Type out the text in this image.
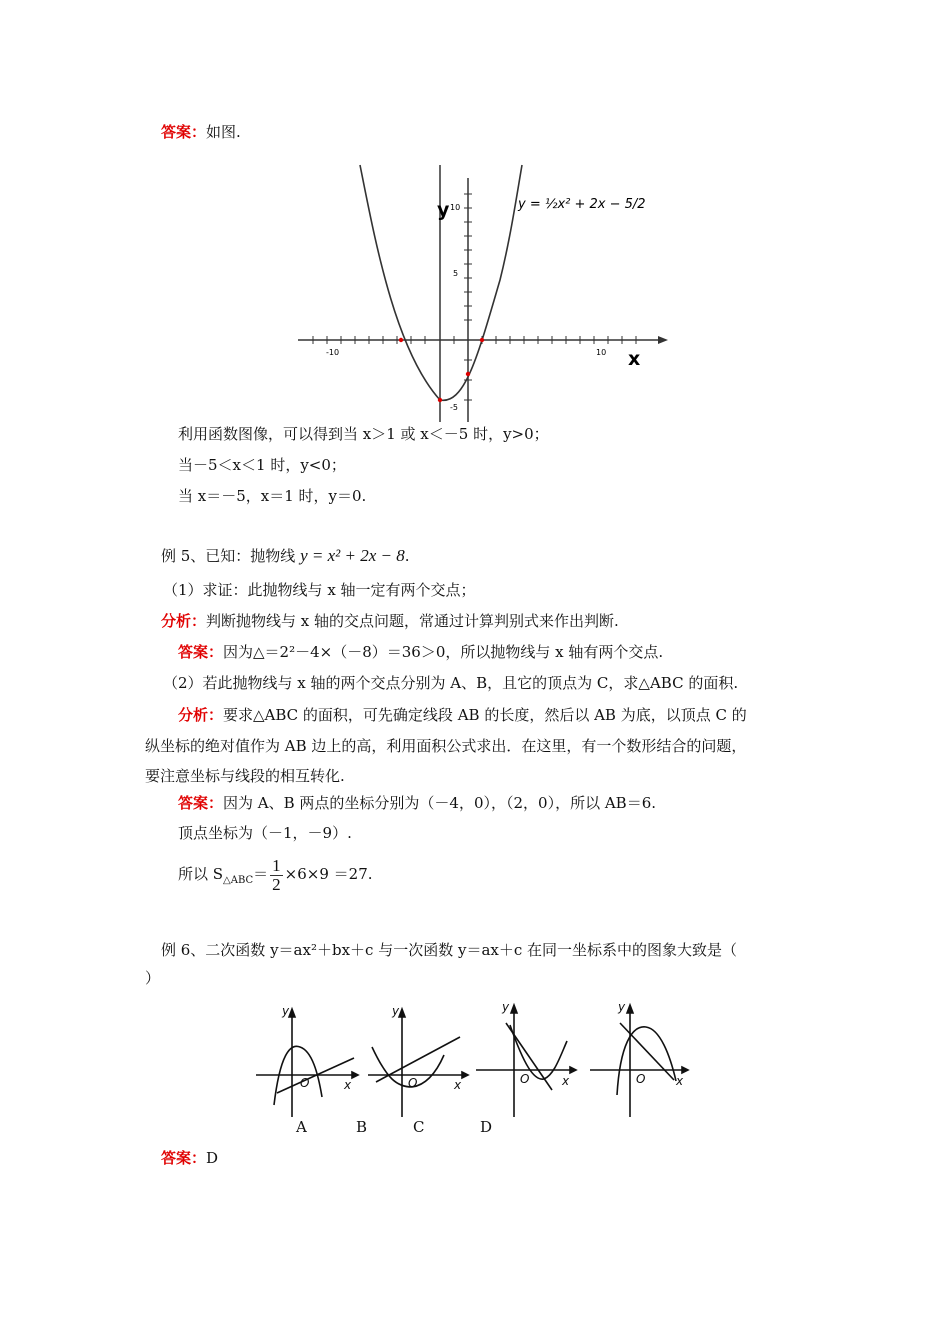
答案：如图.
y
x
10
5
-5
-10	10
y = ½x² + 2x − 5/2
利用函数图像，可以得到当 x＞1 或 x＜－5 时，y>0；
当－5＜x＜1 时，y<0；
当 x＝－5，x＝1 时，y＝0.
例 5、已知：抛物线 y = x² + 2x − 8.
（1）求证：此抛物线与 x 轴一定有两个交点；
分析：判断抛物线与 x 轴的交点问题，常通过计算判别式来作出判断.
答案：因为△＝2²－4×（－8）＝36＞0，所以抛物线与 x 轴有两个交点.
（2）若此抛物线与 x 轴的两个交点分别为 A、B，且它的顶点为 C，求△ABC 的面积.
分析：要求△ABC 的面积，可先确定线段 AB 的长度，然后以 AB 为底，以顶点 C 的
纵坐标的绝对值作为 AB 边上的高，利用面积公式求出．在这里，有一个数形结合的问题，
要注意坐标与线段的相互转化.
答案：因为 A、B 两点的坐标分别为（－4，0），（2，0），所以 AB＝6.
顶点坐标为（－1，－9）.
所以 $S_{\triangle ABC}= \frac{1}{2} \times 6\times 9 =27$.
例 6、二次函数 y＝ax²＋bx＋c 与一次函数 y＝ax＋c 在同一坐标系中的图象大致是（
）
y
x
O
y
x
O
y
x
O
y
x
O
A	B	C	D
答案：D
